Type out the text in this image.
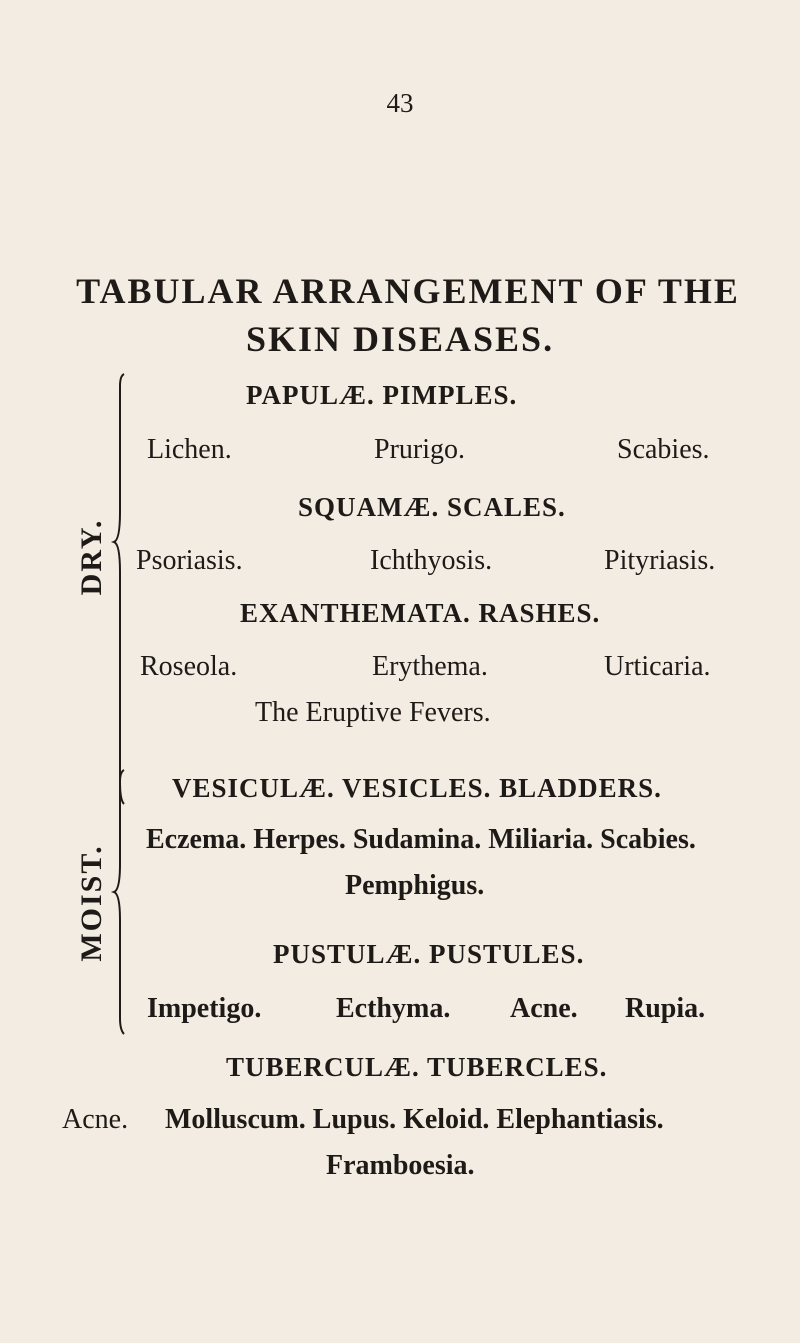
43
TABULAR ARRANGEMENT OF THE
SKIN DISEASES.
DRY.
PAPULÆ. PIMPLES.
Lichen.	Prurigo.	Scabies.
SQUAMÆ. SCALES.
Psoriasis.	Ichthyosis.	Pityriasis.
EXANTHEMATA. RASHES.
Roseola.	Erythema.	Urticaria.
The Eruptive Fevers.
MOIST.
VESICULÆ. VESICLES. BLADDERS.
Eczema. Herpes. Sudamina. Miliaria. Scabies.
Pemphigus.
PUSTULÆ. PUSTULES.
Impetigo.	Ecthyma. Acne. Rupia.
TUBERCULÆ. TUBERCLES.
Acne. Molluscum. Lupus. Keloid. Elephantiasis.
Framboesia.
